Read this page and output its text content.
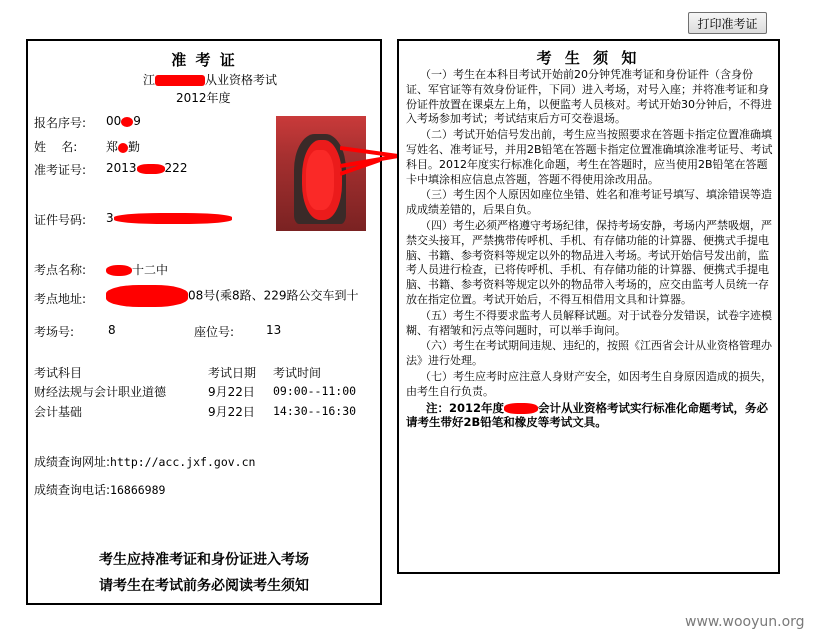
打印准考证
准 考 证
江	从业资格考试
2012年度
报名序号: 00 9
姓    名: 郑 勤
准考证号: 2013 222
证件号码: 3
考点名称:	十二中
考点地址:	08号(乘8路、229路公交车到十
考场号:	8	座位号:	13
考试科目	考试日期 考试时间
财经法规与会计职业道德	9月22日 09:00--11:00
会计基础	9月22日 14:30--16:30
成绩查询网址:http://acc.jxf.gov.cn
成绩查询电话:16866989
考生应持准考证和身份证进入考场
请考生在考试前务必阅读考生须知
考 生 须 知

（一）考生在本科目考试开始前20分钟凭准考证和身份证件（含身份证、军官证等有效身份证件，下同）进入考场，对号入座；并将准考证和身份证件放置在课桌左上角，以便监考人员核对。考试开始30分钟后，不得进入考场参加考试；考试结束后方可交卷退场。

（二）考试开始信号发出前，考生应当按照要求在答题卡指定位置准确填写姓名、准考证号，并用2B铅笔在答题卡指定位置准确填涂准考证号、考试科目。2012年度实行标准化命题，考生在答题时，应当使用2B铅笔在答题卡中填涂相应信息点答题，答题不得使用涂改用品。

（三）考生因个人原因如座位坐错、姓名和准考证号填写、填涂错误等造成成绩差错的，后果自负。

（四）考生必须严格遵守考场纪律，保持考场安静，考场内严禁吸烟，严禁交头接耳，严禁携带传呼机、手机、有存储功能的计算器、便携式手提电脑、书籍、参考资料等规定以外的物品进入考场。考试开始信号发出前，监考人员进行检查，已将传呼机、手机、有存储功能的计算器、便携式手提电脑、书籍、参考资料等规定以外的物品带入考场的，应交由监考人员统一存放在指定位置。考试开始后，不得互相借用文具和计算器。

（五）考生不得要求监考人员解释试题。对于试卷分发错误，试卷字迹模糊、有褶皱和污点等问题时，可以举手询问。

（六）考生在考试期间违规、违纪的，按照《江西省会计从业资格管理办法》进行处理。

（七）考生应考时应注意人身财产安全，如因考生自身原因造成的损失，由考生自行负责。

注：2012年度	会计从业资格考试实行标准化命题考试，务必请考生带好2B铅笔和橡皮等考试文具。

www.wooyun.org
